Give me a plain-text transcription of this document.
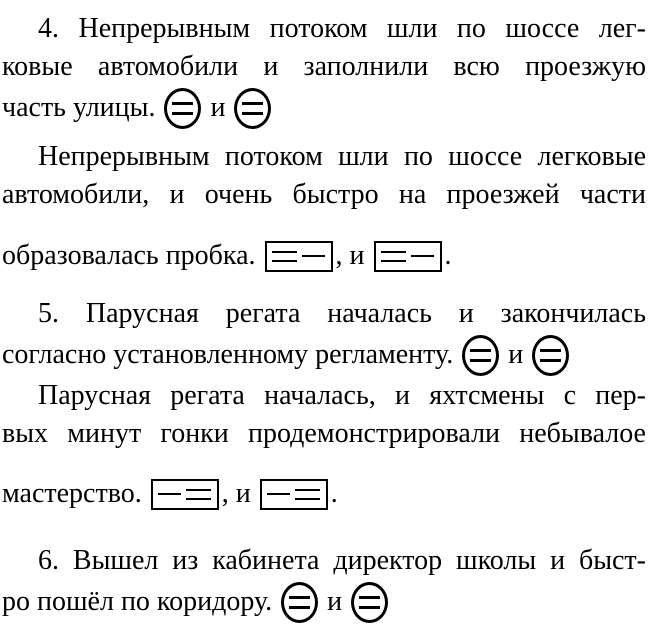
4. Непрерывным потоком шли по шоссе лег-
ковые автомобили и заполнили всю проезжую
часть улицы. и
Непрерывным потоком шли по шоссе легковые
автомобили, и очень быстро на проезжей части
образовалась пробка.	, и	.
5. Парусная регата началась и закончилась
согласно установленному регламенту. и
Парусная регата началась, и яхтсмены с пер-
вых минут гонки продемонстрировали небывалое
мастерство.	, и	.
6. Вышел из кабинета директор школы и быст-
ро пошёл по коридору. и
